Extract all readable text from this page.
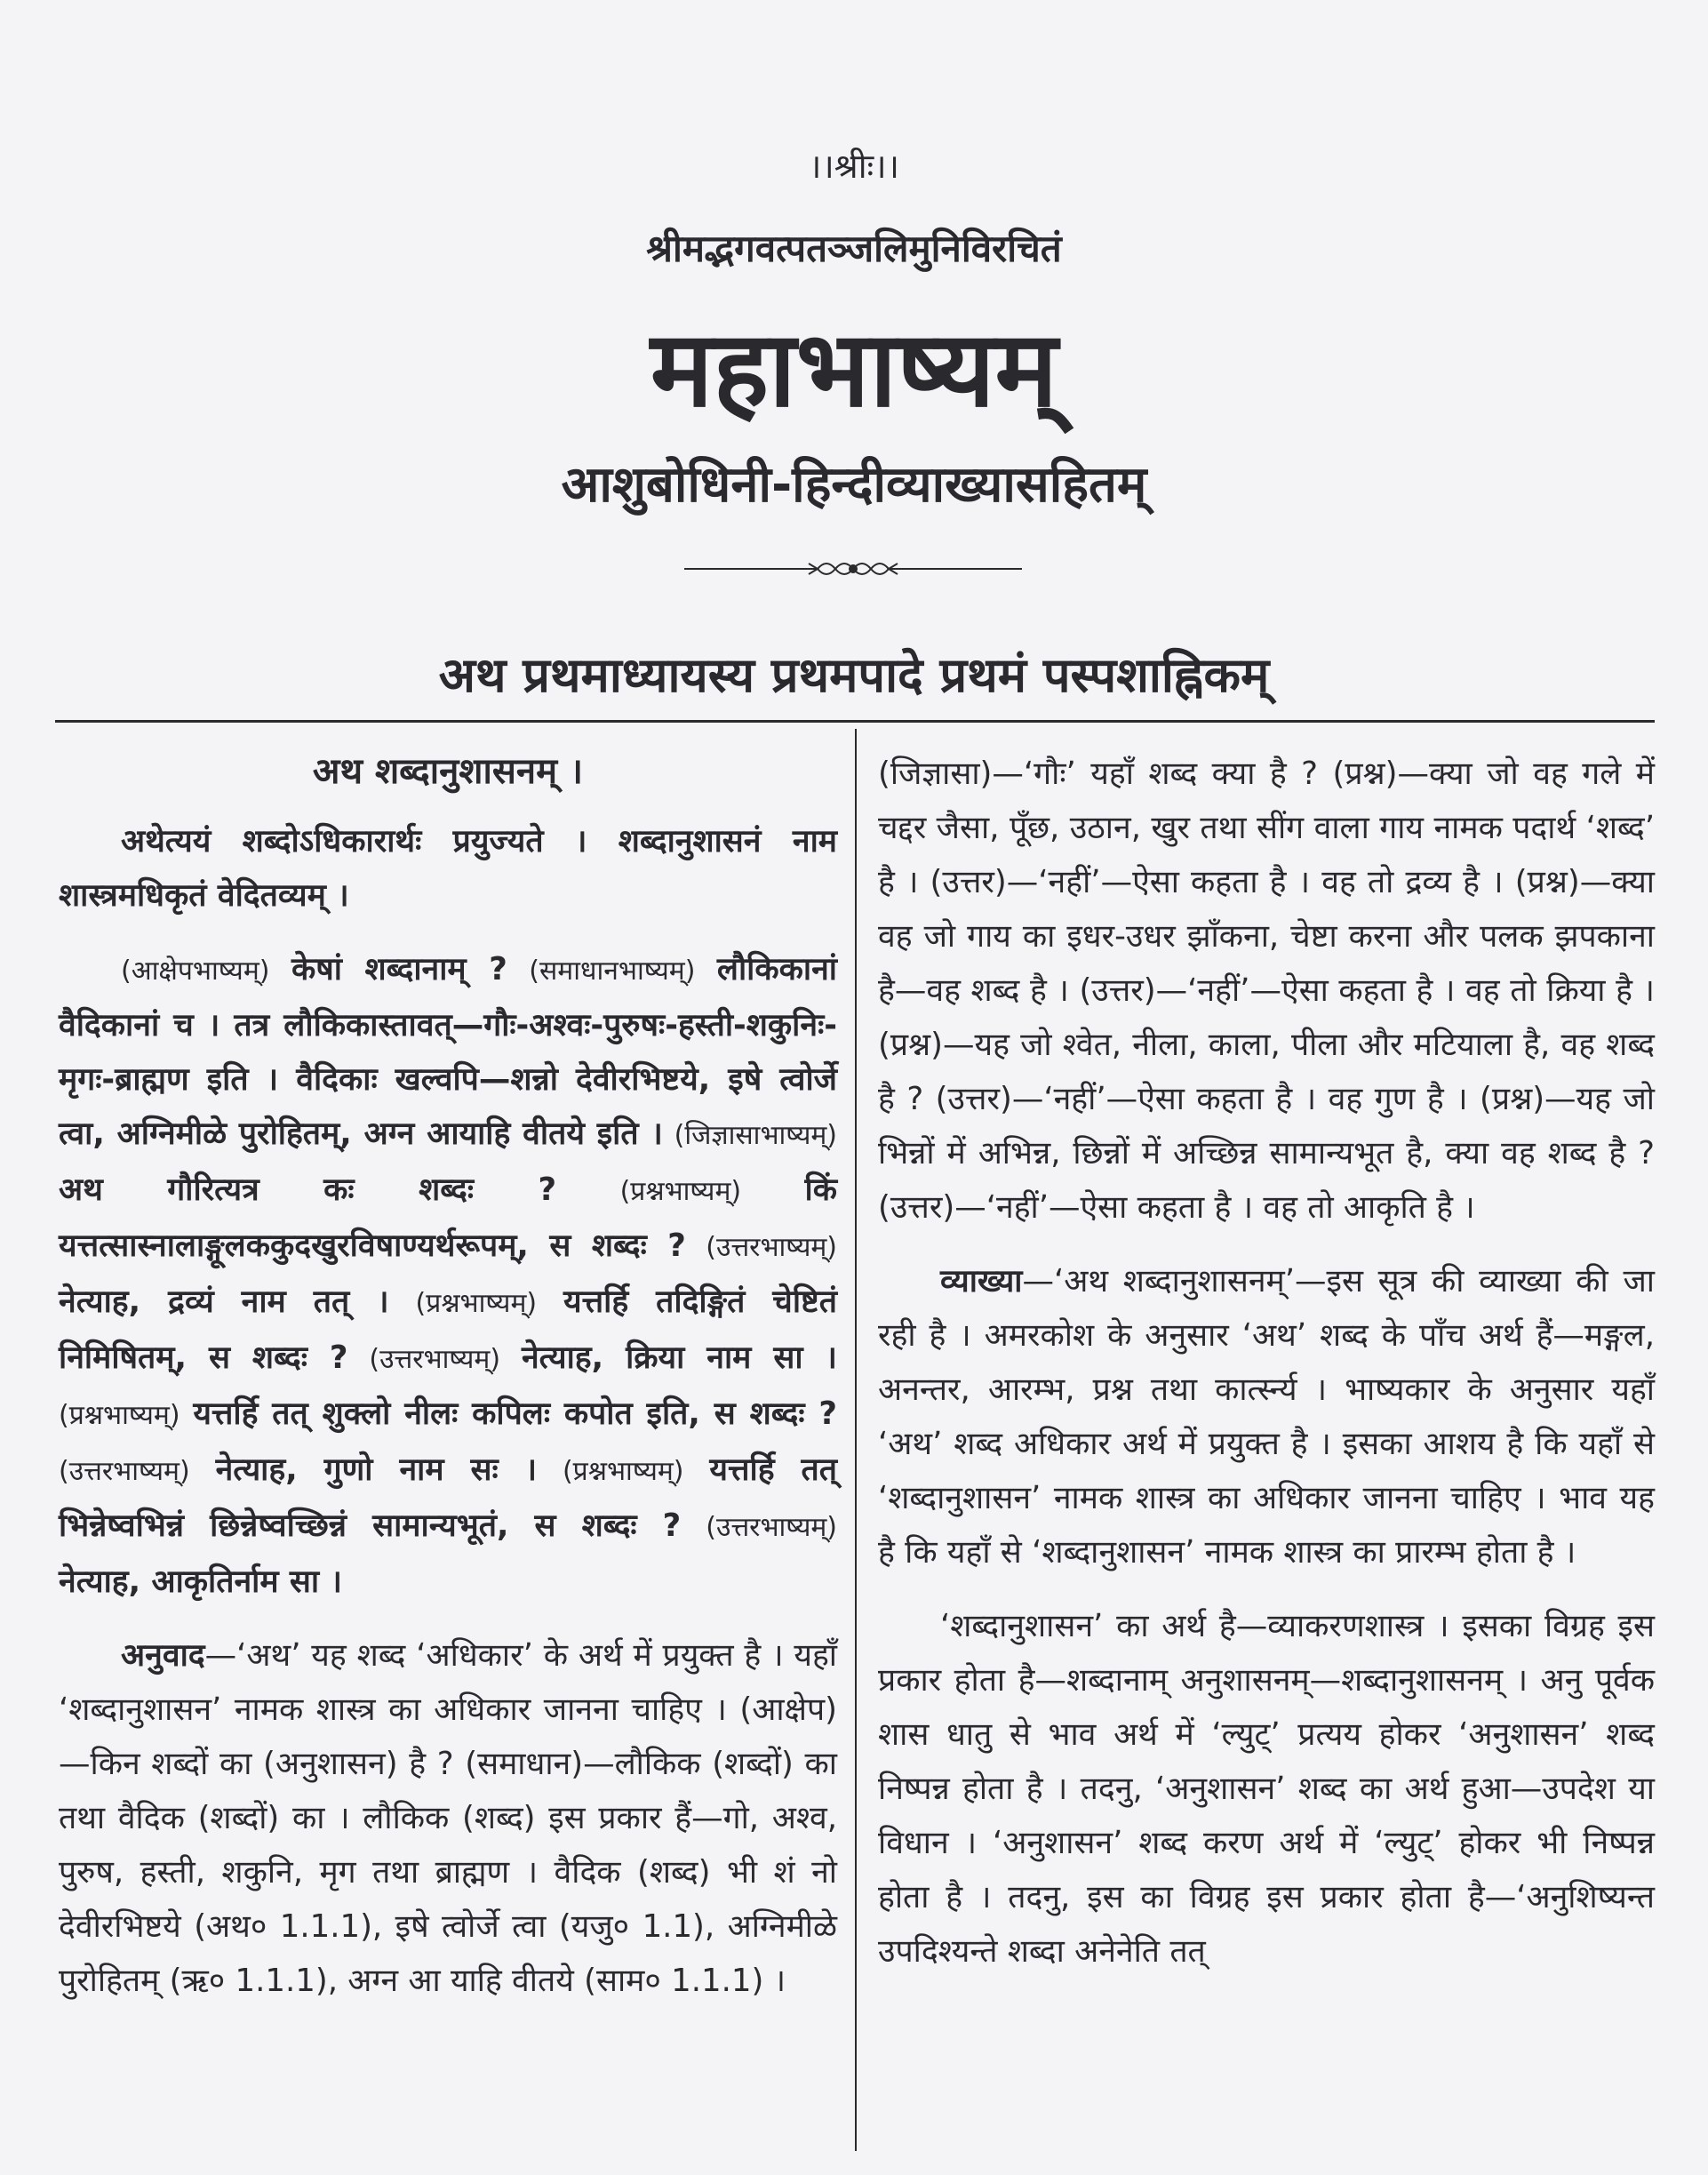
।।श्रीः।।
श्रीमद्भगवत्पतञ्जलिमुनिविरचितं
महाभाष्यम्
आशुबोधिनी-हिन्दीव्याख्यासहितम्
अथ प्रथमाध्यायस्य प्रथमपादे प्रथमं पस्पशाह्निकम्
अथ शब्दानुशासनम् ।

अथेत्ययं शब्दोऽधिकारार्थः प्रयुज्यते । शब्दानुशासनं नाम शास्त्रमधिकृतं वेदितव्यम् ।

(आक्षेपभाष्यम्) केषां शब्दानाम् ? (समाधानभाष्यम्) लौकिकानां वैदिकानां च । तत्र लौकिकास्तावत्—गौः-अश्वः-पुरुषः-हस्ती-शकुनिः-मृगः-ब्राह्मण इति । वैदिकाः खल्वपि—शन्नो देवीरभिष्टये, इषे त्वोर्जे त्वा, अग्निमीळे पुरोहितम्, अग्न आयाहि वीतये इति । (जिज्ञासाभाष्यम्) अथ गौरित्यत्र कः शब्दः ? (प्रश्नभाष्यम्) किं यत्तत्सास्नालाङ्गूलककुदखुरविषाण्यर्थरूपम्, स शब्दः ? (उत्तरभाष्यम्) नेत्याह, द्रव्यं नाम तत् । (प्रश्नभाष्यम्) यत्तर्हि तदिङ्गितं चेष्टितं निमिषितम्, स शब्दः ? (उत्तरभाष्यम्) नेत्याह, क्रिया नाम सा । (प्रश्नभाष्यम्) यत्तर्हि तत् शुक्लो नीलः कपिलः कपोत इति, स शब्दः ? (उत्तरभाष्यम्) नेत्याह, गुणो नाम सः । (प्रश्नभाष्यम्) यत्तर्हि तत् भिन्नेष्वभिन्नं छिन्नेष्वच्छिन्नं सामान्यभूतं, स शब्दः ? (उत्तरभाष्यम्) नेत्याह, आकृतिर्नाम सा ।

अनुवाद—‘अथ’ यह शब्द ‘अधिकार’ के अर्थ में प्रयुक्त है । यहाँ ‘शब्दानुशासन’ नामक शास्त्र का अधिकार जानना चाहिए । (आक्षेप)—किन शब्दों का (अनुशासन) है ? (समाधान)—लौकिक (शब्दों) का तथा वैदिक (शब्दों) का । लौकिक (शब्द) इस प्रकार हैं—गो, अश्व, पुरुष, हस्ती, शकुनि, मृग तथा ब्राह्मण । वैदिक (शब्द) भी शं नो देवीरभिष्टये (अथ० 1.1.1), इषे त्वोर्जे त्वा (यजु० 1.1), अग्निमीळे पुरोहितम् (ऋ० 1.1.1), अग्न आ याहि वीतये (साम० 1.1.1) ।

(जिज्ञासा)—‘गौः’ यहाँ शब्द क्या है ? (प्रश्न)—क्या जो वह गले में चद्दर जैसा, पूँछ, उठान, खुर तथा सींग वाला गाय नामक पदार्थ ‘शब्द’ है । (उत्तर)—‘नहीं’—ऐसा कहता है । वह तो द्रव्य है । (प्रश्न)—क्या वह जो गाय का इधर-उधर झाँकना, चेष्टा करना और पलक झपकाना है—वह शब्द है । (उत्तर)—‘नहीं’—ऐसा कहता है । वह तो क्रिया है । (प्रश्न)—यह जो श्वेत, नीला, काला, पीला और मटियाला है, वह शब्द है ? (उत्तर)—‘नहीं’—ऐसा कहता है । वह गुण है । (प्रश्न)—यह जो भिन्नों में अभिन्न, छिन्नों में अच्छिन्न सामान्यभूत है, क्या वह शब्द है ? (उत्तर)—‘नहीं’—ऐसा कहता है । वह तो आकृति है ।

व्याख्या—‘अथ शब्दानुशासनम्’—इस सूत्र की व्याख्या की जा रही है । अमरकोश के अनुसार ‘अथ’ शब्द के पाँच अर्थ हैं—मङ्गल, अनन्तर, आरम्भ, प्रश्न तथा कार्त्स्न्य । भाष्यकार के अनुसार यहाँ ‘अथ’ शब्द अधिकार अर्थ में प्रयुक्त है । इसका आशय है कि यहाँ से ‘शब्दानुशासन’ नामक शास्त्र का अधिकार जानना चाहिए । भाव यह है कि यहाँ से ‘शब्दानुशासन’ नामक शास्त्र का प्रारम्भ होता है ।

‘शब्दानुशासन’ का अर्थ है—व्याकरणशास्त्र । इसका विग्रह इस प्रकार होता है—शब्दानाम् अनुशासनम्—शब्दानुशासनम् । अनु पूर्वक शास धातु से भाव अर्थ में ‘ल्युट्’ प्रत्यय होकर ‘अनुशासन’ शब्द निष्पन्न होता है । तदनु, ‘अनुशासन’ शब्द का अर्थ हुआ—उपदेश या विधान । ‘अनुशासन’ शब्द करण अर्थ में ‘ल्युट्’ होकर भी निष्पन्न होता है । तदनु, इस का विग्रह इस प्रकार होता है—‘अनुशिष्यन्त उपदिश्यन्ते शब्दा अनेनेति तत्
